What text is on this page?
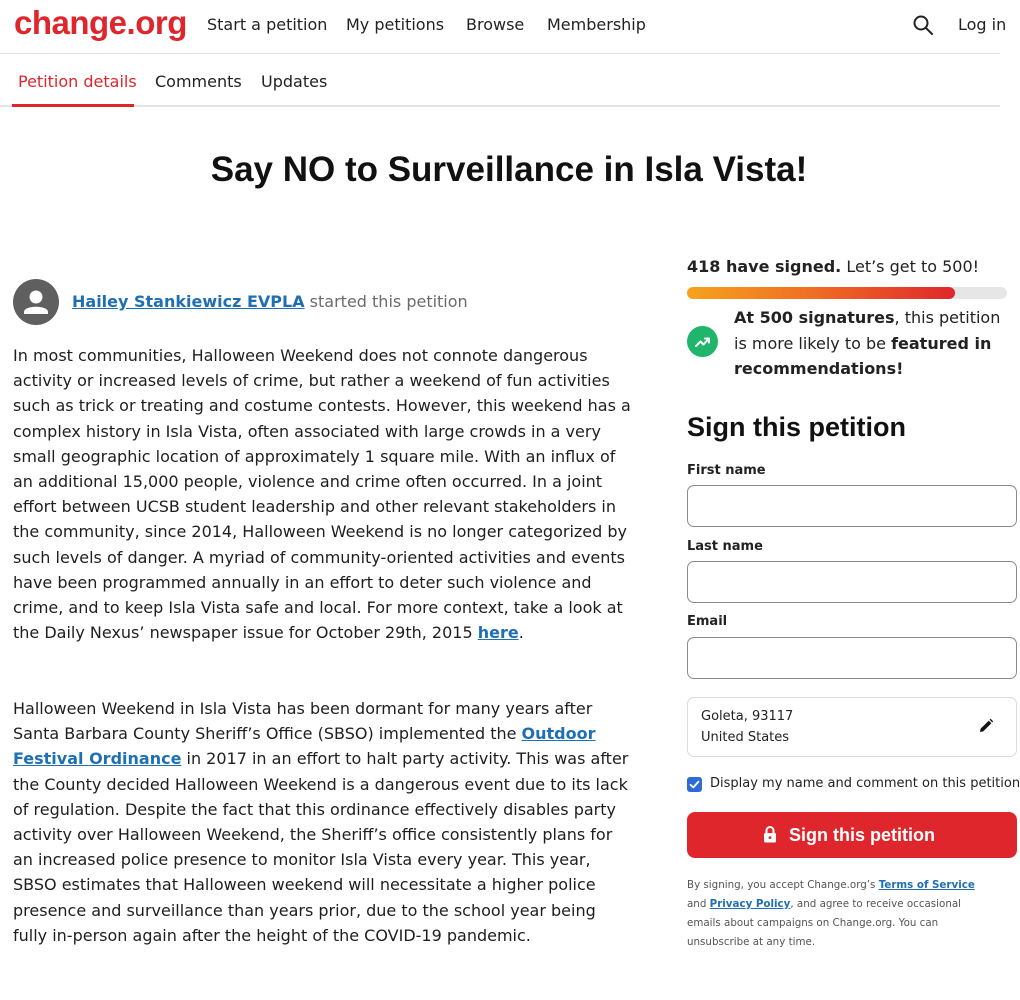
change.org Start a petition My petitions Browse Membership	Log in
Petition details Comments Updates
Say NO to Surveillance in Isla Vista!
Hailey Stankiewicz EVPLA started this petition

In most communities, Halloween Weekend does not connote dangerous activity or increased levels of crime, but rather a weekend of fun activities such as trick or treating and costume contests. However, this weekend has a complex history in Isla Vista, often associated with large crowds in a very small geographic location of approximately 1 square mile. With an influx of an additional 15,000 people, violence and crime often occurred. In a joint effort between UCSB student leadership and other relevant stakeholders in the community, since 2014, Halloween Weekend is no longer categorized by such levels of danger. A myriad of community-oriented activities and events have been programmed annually in an effort to deter such violence and crime, and to keep Isla Vista safe and local. For more context, take a look at the Daily Nexus’ newspaper issue for October 29th, 2015 here.

Halloween Weekend in Isla Vista has been dormant for many years after Santa Barbara County Sheriff’s Office (SBSO) implemented the Outdoor Festival Ordinance in 2017 in an effort to halt party activity. This was after the County decided Halloween Weekend is a dangerous event due to its lack of regulation. Despite the fact that this ordinance effectively disables party activity over Halloween Weekend, the Sheriff’s office consistently plans for an increased police presence to monitor Isla Vista every year. This year, SBSO estimates that Halloween weekend will necessitate a higher police presence and surveillance than years prior, due to the school year being fully in-person again after the height of the COVID-19 pandemic.

418 have signed. Let’s get to 500!
At 500 signatures, this petition is more likely to be featured in recommendations!
Sign this petition
First name
Last name
Email
Goleta, 93117
United States
Display my name and comment on this petition
Sign this petition

By signing, you accept Change.org’s Terms of Service and Privacy Policy, and agree to receive occasional emails about campaigns on Change.org. You can unsubscribe at any time.
